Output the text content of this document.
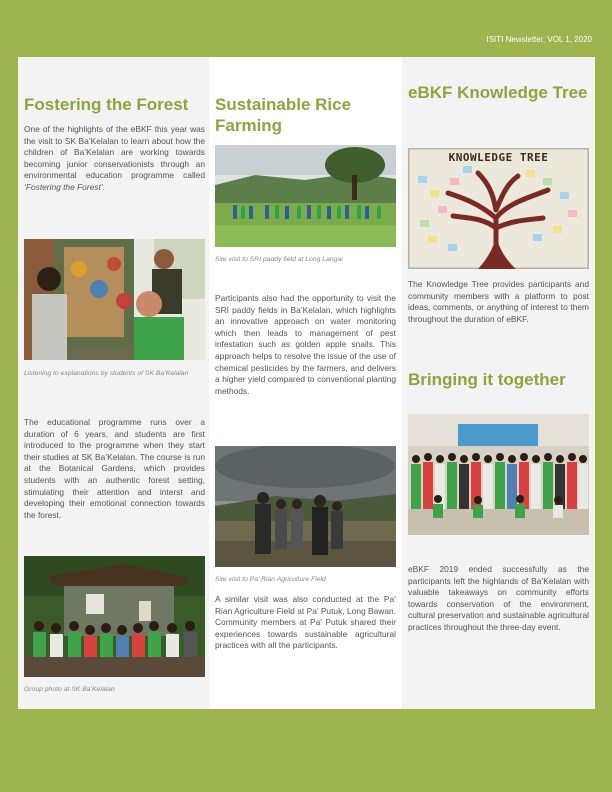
ISITI Newsletter, VOL 1, 2020
Fostering the Forest

One of the highlights of the eBKF this year was the visit to SK Ba’Kelalan to learn about how the children of Ba’Kelalan are working towards becoming junior conservationists through an environmental education programme called ‘Fostering the Forest’.

Listening to explanations by students of SK Ba’Kelalan

The educational programme runs over a duration of 6 years, and students are first introduced to the programme when they start their studies at SK Ba’Kelalan. The course is run at the Botanical Gardens, which provides students with an authentic forest setting, stimulating their attention and interst and developing their emotional connection towards the forest.

Group photo at SK Ba’Kelalan
Sustainable Rice Farming
Site visit to SRI paddy field at Long Langai

Participants also had the opportunity to visit the SRI paddy fields in Ba’Kelalan, which highlights an innovative approach on water monitoring which then leads to management of pest infestation such as golden apple snails. This approach helps to resolve the issue of the use of chemical pesticides by the farmers, and delivers a higher yield compared to conventional planting methods.

Site visit to Pa’ Rian Agriculture Field

A similar visit was also conducted at the Pa’ Rian Agriculture Field at Pa’ Putuk, Long Bawan. Community members at Pa’ Putuk shared their experiences towards sustainable agricultural practices with all the participants.

eBKF Knowledge Tree
KNOWLEDGE TREE

The Knowledge Tree provides participants and community members with a platform to post ideas, comments, or anything of interest to them throughout the duration of eBKF.

Bringing it together

eBKF 2019 ended successfully as the participants left the highlands of Ba’Kelalan with valuable takeaways on community efforts towards conservation of the environment, cultural preservation and sustainable agricultural practices throughout the three-day event.
